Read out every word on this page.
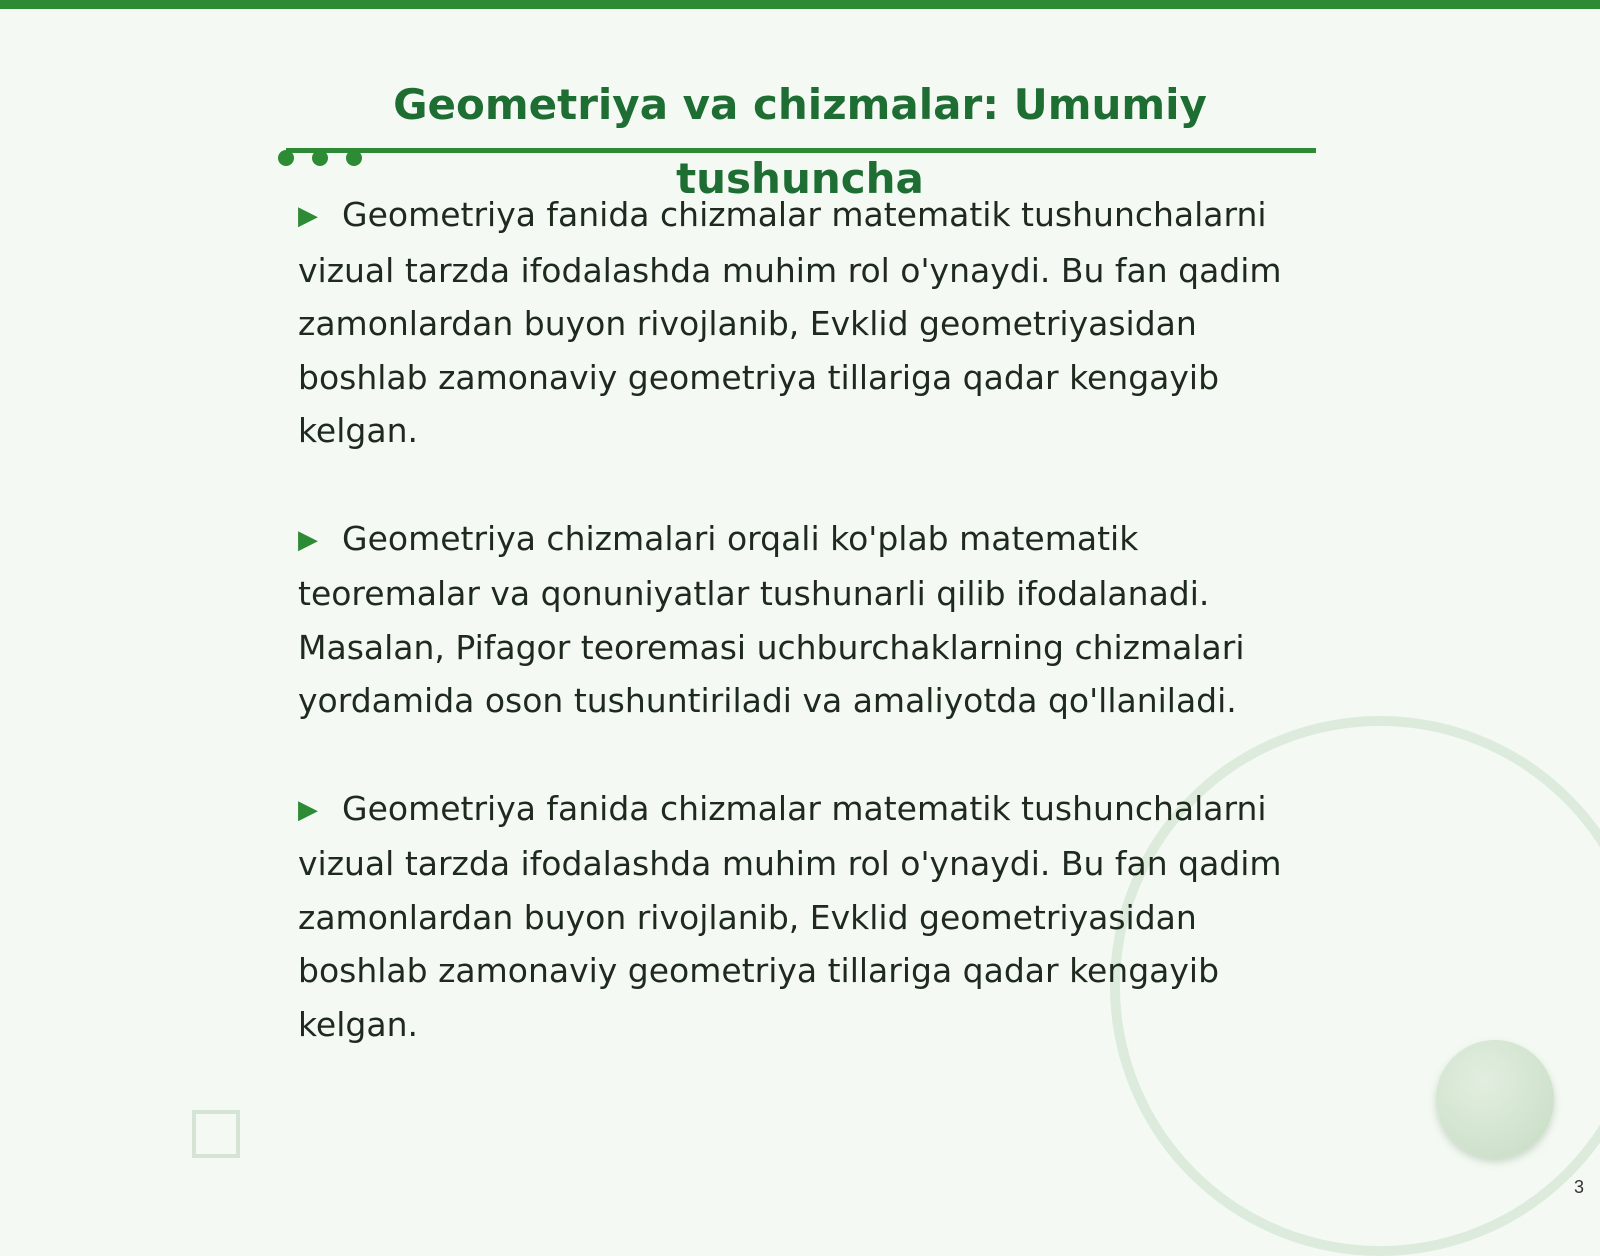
Geometriya va chizmalar: Umumiy tushuncha

▶ Geometriya fanida chizmalar matematik tushunchalarni vizual tarzda ifodalashda muhim rol o'ynaydi. Bu fan qadim zamonlardan buyon rivojlanib, Evklid geometriyasidan boshlab zamonaviy geometriya tillariga qadar kengayib kelgan.

▶ Geometriya chizmalari orqali ko'plab matematik teoremalar va qonuniyatlar tushunarli qilib ifodalanadi. Masalan, Pifagor teoremasi uchburchaklarning chizmalari yordamida oson tushuntiriladi va amaliyotda qo'llaniladi.

▶ Geometriya fanida chizmalar matematik tushunchalarni vizual tarzda ifodalashda muhim rol o'ynaydi. Bu fan qadim zamonlardan buyon rivojlanib, Evklid geometriyasidan boshlab zamonaviy geometriya tillariga qadar kengayib kelgan.

3
